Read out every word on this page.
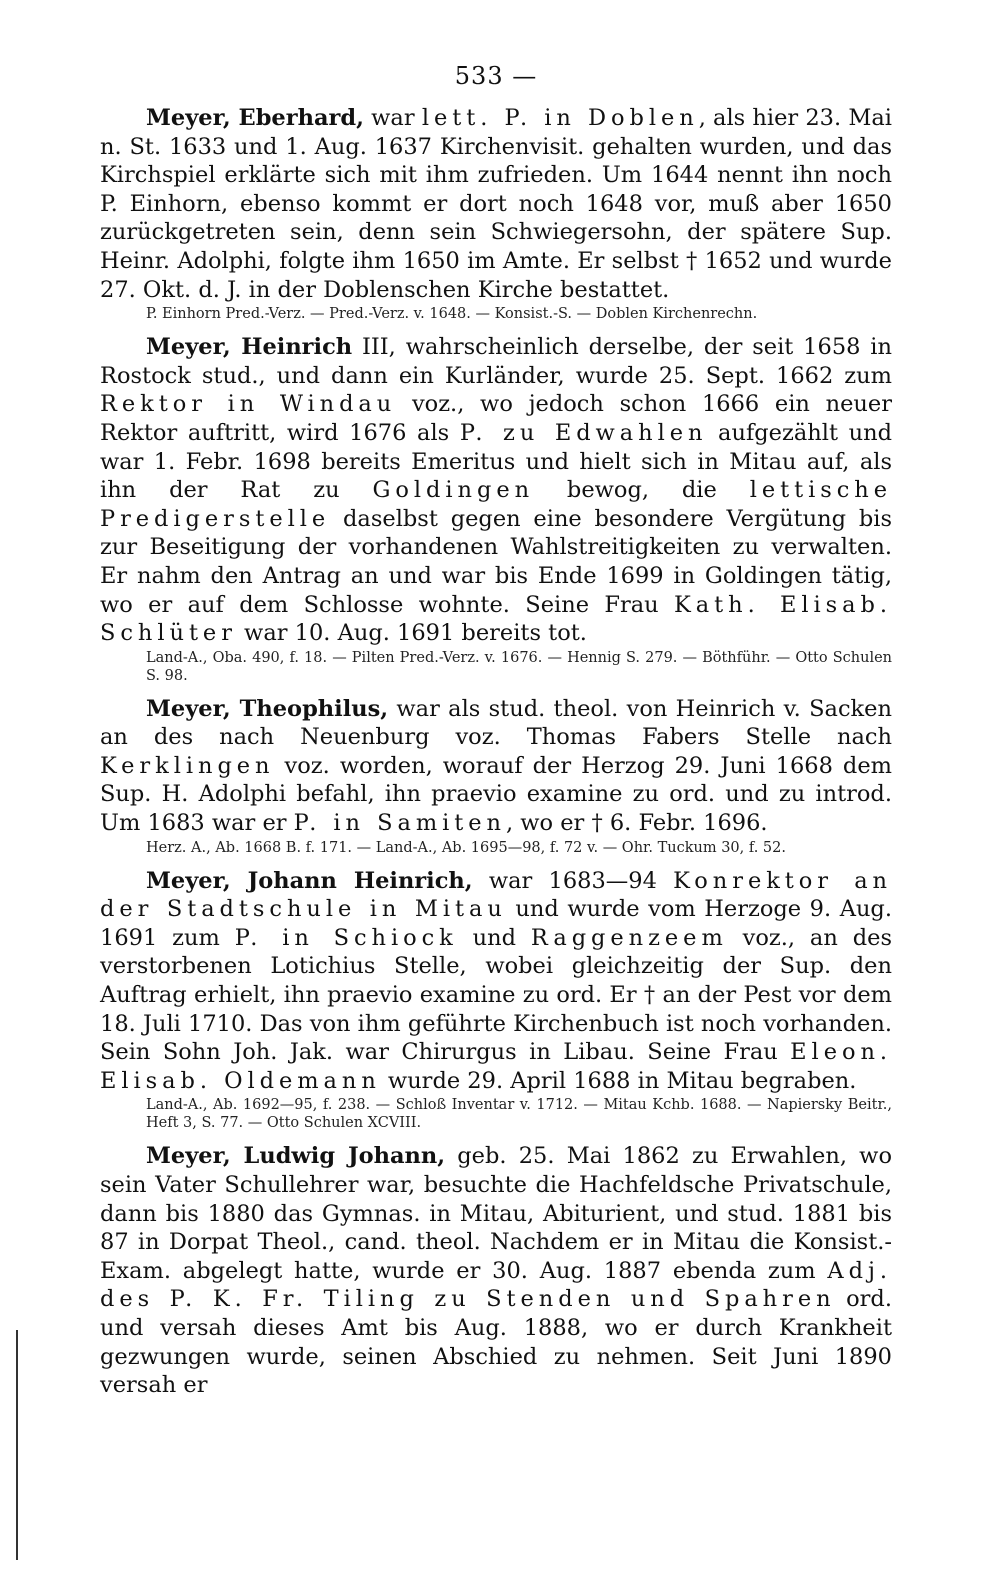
533 —

Meyer, Eberhard, war lett. P. in Doblen, als hier 23. Mai n. St. 1633 und 1. Aug. 1637 Kirchenvisit. gehalten wurden, und das Kirchspiel erklärte sich mit ihm zufrieden. Um 1644 nennt ihn noch P. Einhorn, ebenso kommt er dort noch 1648 vor, muß aber 1650 zurückgetreten sein, denn sein Schwiegersohn, der spätere Sup. Heinr. Adolphi, folgte ihm 1650 im Amte. Er selbst † 1652 und wurde 27. Okt. d. J. in der Doblenschen Kirche bestattet.

P. Einhorn Pred.-Verz. — Pred.-Verz. v. 1648. — Konsist.-S. — Doblen Kirchenrechn.

Meyer, Heinrich III, wahrscheinlich derselbe, der seit 1658 in Rostock stud., und dann ein Kurländer, wurde 25. Sept. 1662 zum Rektor in Windau voz., wo jedoch schon 1666 ein neuer Rektor auftritt, wird 1676 als P. zu Edwahlen aufgezählt und war 1. Febr. 1698 bereits Emeritus und hielt sich in Mitau auf, als ihn der Rat zu Goldingen bewog, die lettische Predigerstelle daselbst gegen eine besondere Vergütung bis zur Beseitigung der vorhandenen Wahlstreitigkeiten zu verwalten. Er nahm den Antrag an und war bis Ende 1699 in Goldingen tätig, wo er auf dem Schlosse wohnte. Seine Frau Kath. Elisab. Schlüter war 10. Aug. 1691 bereits tot.

Land-A., Oba. 490, f. 18. — Pilten Pred.-Verz. v. 1676. — Hennig S. 279. — Böthführ. — Otto Schulen S. 98.

Meyer, Theophilus, war als stud. theol. von Heinrich v. Sacken an des nach Neuenburg voz. Thomas Fabers Stelle nach Kerklingen voz. worden, worauf der Herzog 29. Juni 1668 dem Sup. H. Adolphi befahl, ihn praevio examine zu ord. und zu introd. Um 1683 war er P. in Samiten, wo er † 6. Febr. 1696.

Herz. A., Ab. 1668 B. f. 171. — Land-A., Ab. 1695—98, f. 72 v. — Ohr. Tuckum 30, f. 52.

Meyer, Johann Heinrich, war 1683—94 Konrektor an der Stadtschule in Mitau und wurde vom Herzoge 9. Aug. 1691 zum P. in Schiock und Raggenzeem voz., an des verstorbenen Lotichius Stelle, wobei gleichzeitig der Sup. den Auftrag erhielt, ihn praevio examine zu ord. Er † an der Pest vor dem 18. Juli 1710. Das von ihm geführte Kirchenbuch ist noch vorhanden. Sein Sohn Joh. Jak. war Chirurgus in Libau. Seine Frau Eleon. Elisab. Oldemann wurde 29. April 1688 in Mitau begraben.

Land-A., Ab. 1692—95, f. 238. — Schloß Inventar v. 1712. — Mitau Kchb. 1688. — Napiersky Beitr., Heft 3, S. 77. — Otto Schulen XCVIII.

Meyer, Ludwig Johann, geb. 25. Mai 1862 zu Erwahlen, wo sein Vater Schullehrer war, besuchte die Hachfeldsche Privatschule, dann bis 1880 das Gymnas. in Mitau, Abiturient, und stud. 1881 bis 87 in Dorpat Theol., cand. theol. Nachdem er in Mitau die Konsist.-Exam. abgelegt hatte, wurde er 30. Aug. 1887 ebenda zum Adj. des P. K. Fr. Tiling zu Stenden und Spahren ord. und versah dieses Amt bis Aug. 1888, wo er durch Krankheit gezwungen wurde, seinen Abschied zu nehmen. Seit Juni 1890 versah er
